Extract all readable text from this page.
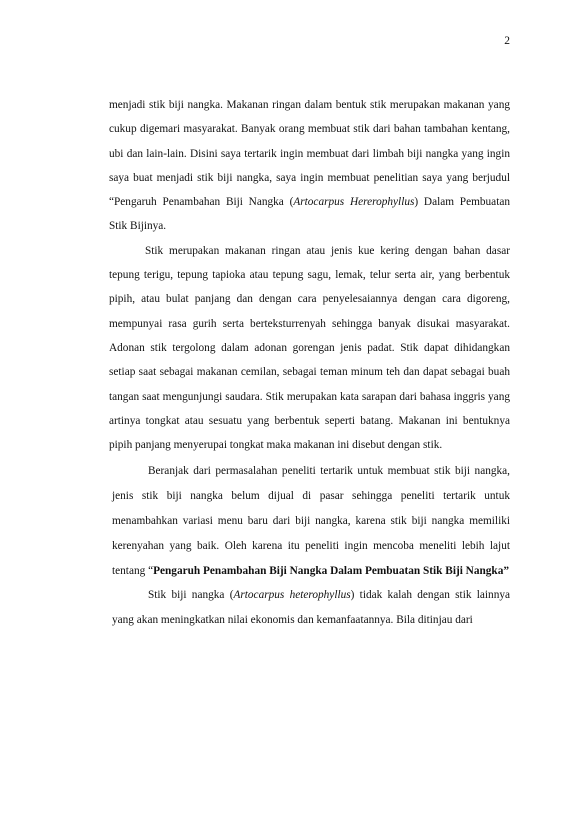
2

menjadi stik biji nangka. Makanan ringan dalam bentuk stik merupakan makanan yang cukup digemari masyarakat. Banyak orang membuat stik dari bahan tambahan kentang, ubi dan lain-lain. Disini saya tertarik ingin membuat dari limbah biji nangka yang ingin saya buat menjadi stik biji nangka, saya ingin membuat penelitian saya yang berjudul “Pengaruh Penambahan Biji Nangka (Artocarpus Hererophyllus) Dalam Pembuatan Stik Bijinya.

Stik merupakan makanan ringan atau jenis kue kering dengan bahan dasar tepung terigu, tepung tapioka atau tepung sagu, lemak, telur serta air, yang berbentuk pipih, atau bulat panjang dan dengan cara penyelesaiannya dengan cara digoreng, mempunyai rasa gurih serta berteksturrenyah sehingga banyak disukai masyarakat. Adonan stik tergolong dalam adonan gorengan jenis padat. Stik dapat dihidangkan setiap saat sebagai makanan cemilan, sebagai teman minum teh dan dapat sebagai buah tangan saat mengunjungi saudara. Stik merupakan kata sarapan dari bahasa inggris yang artinya tongkat atau sesuatu yang berbentuk seperti batang. Makanan ini bentuknya pipih panjang menyerupai tongkat maka makanan ini disebut dengan stik.

Beranjak dari permasalahan peneliti tertarik untuk membuat stik biji nangka, jenis stik biji nangka belum dijual di pasar sehingga peneliti tertarik untuk menambahkan variasi menu baru dari biji nangka, karena stik biji nangka memiliki kerenyahan yang baik. Oleh karena itu peneliti ingin mencoba meneliti lebih lajut tentang “Pengaruh Penambahan Biji Nangka Dalam Pembuatan Stik Biji Nangka”

Stik biji nangka (Artocarpus heterophyllus) tidak kalah dengan stik lainnya yang akan meningkatkan nilai ekonomis dan kemanfaatannya. Bila ditinjau dari
